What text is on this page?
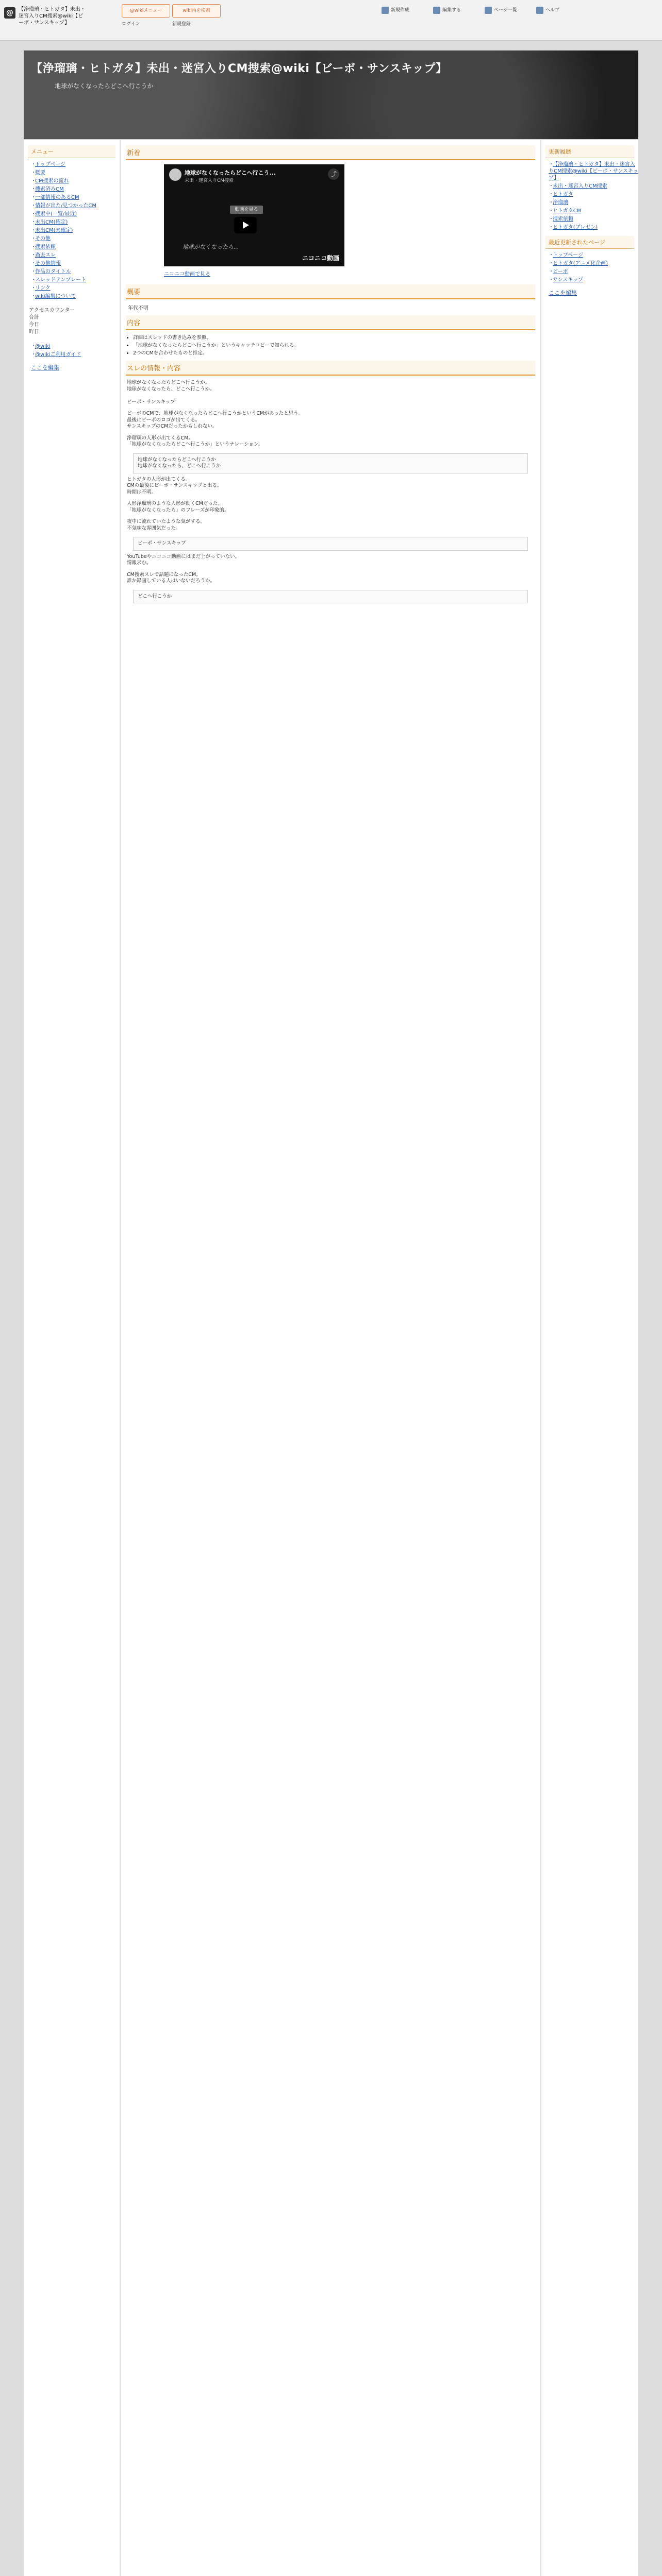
@	【浄瑠璃・ヒトガタ】未出・迷宮入りCM捜索@wiki【ビーボ・サンスキップ】
@wikiメニュー	wiki内を検索
ログイン	新規登録
新規作成	編集する	ページ一覧	ヘルプ
【浄瑠璃・ヒトガタ】未出・迷宮入りCM捜索@wiki【ビーボ・サンスキップ】
地球がなくなったらどこへ行こうか
メニュー
・トップページ
・概要
・CM捜索の流れ
・捜索済みCM
・一部情報のあるCM
・情報が出た/見つかったCM
・捜索中(一覧/最近)
・未出CM(確定)
・未出CM(未確定)
・その他
・捜索依頼
・過去スレ
・その他情報
・作品のタイトル
・スレッドテンプレート
・リンク
・wiki編集について
アクセスカウンター
合計
今日
昨日
・@wiki
・@wikiご利用ガイド
ここを編集
新着
地球がなくなったらどこへ行こう...
未出・迷宮入りCM捜索
⤴
動画を見る
地球がなくなったら...
ニコニコ動画
ニコニコ動画で見る
概要
年代不明
内容
• 詳細はスレッドの書き込みを参照。
• 「地球がなくなったらどこへ行こうか」というキャッチコピーで知られる。
• 2つのCMを合わせたものと推定。
スレの情報・内容
地球がなくなったらどこへ行こうか。
地球がなくなったら、どこへ行こうか。

ビーボ・サンスキップ
ビーボのCMで、地球がなくなったらどこへ行こうかというCMがあったと思う。
最後にビーボのロゴが出てくる。
サンスキップのCMだったかもしれない。
浄瑠璃の人形が出てくるCM。
「地球がなくなったらどこへ行こうか」というナレーション。
地球がなくなったらどこへ行こうか
地球がなくなったら、どこへ行こうか
ヒトガタの人形が出てくる。
CMの最後にビーボ・サンスキップと出る。
時期は不明。
人形浄瑠璃のような人形が動くCMだった。
「地球がなくなったら」のフレーズが印象的。
夜中に流れていたような気がする。
不気味な雰囲気だった。
ビーボ・サンスキップ
YouTubeやニコニコ動画にはまだ上がっていない。
情報求む。
CM捜索スレで話題になったCM。
誰か録画している人はいないだろうか。
どこへ行こうか
更新履歴
・【浄瑠璃・ヒトガタ】未出・迷宮入りCM捜索@wiki【ビーボ・サンスキップ】
・未出・迷宮入りCM捜索
・ヒトガタ
・浄瑠璃
・ヒトガタCM
・捜索依頼
・ヒトガタ(プレゼン)
最近更新されたページ
・トップページ
・ヒトガタ(アニメ化企画)
・ビーボ
・サンスキップ
ここを編集
